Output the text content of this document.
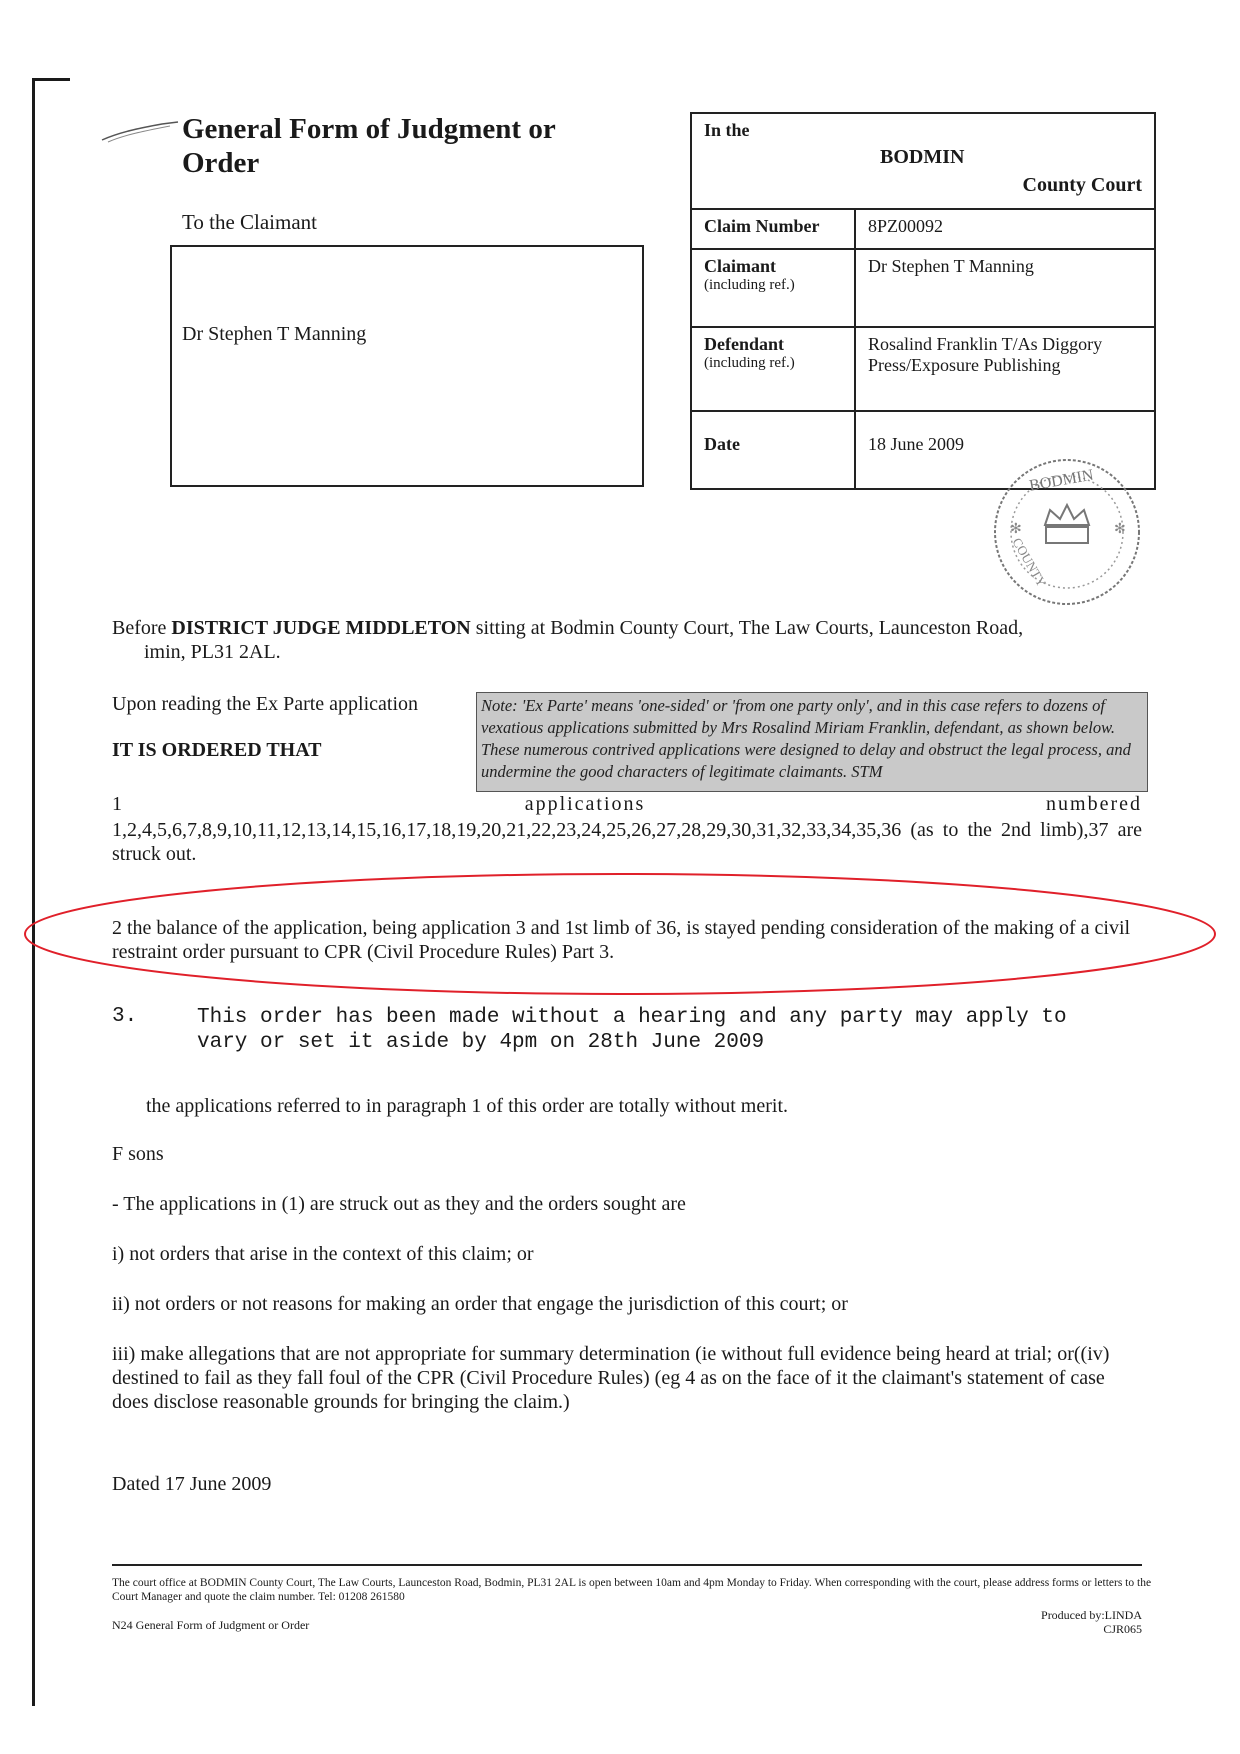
General Form of Judgment or Order
To the Claimant
Dr Stephen T Manning
In the
BODMIN
County Court	

Claim Number	8PZ00092

Claimant
(including ref.)	Dr Stephen T Manning

Defendant
(including ref.)	Rosalind Franklin T/As Diggory Press/Exposure Publishing
Date	18 June 2009
BODMIN
COUNTY
✻	✻
Before DISTRICT JUDGE MIDDLETON sitting at Bodmin County Court, The Law Courts, Launceston Road,
imin, PL31 2AL.
Upon reading the Ex Parte application
IT IS ORDERED THAT
Note: 'Ex Parte' means 'one-sided' or 'from one party only', and in this case refers to dozens of vexatious applications submitted by Mrs Rosalind Miriam Franklin, defendant, as shown below. These numerous contrived applications were designed to delay and obstruct the legal process, and undermine the good characters of legitimate claimants. STM
1 applications numbered
1,2,4,5,6,7,8,9,10,11,12,13,14,15,16,17,18,19,20,21,22,23,24,25,26,27,28,29,30,31,32,33,34,35,36 (as to the 2nd limb),37 are struck out.
2 the balance of the application, being application 3 and 1st limb of 36, is stayed pending consideration of the making of a civil restraint order pursuant to CPR (Civil Procedure Rules) Part 3.
3.	This order has been made without a hearing and any party may apply to vary or set it aside by 4pm on 28th June 2009
the applications referred to in paragraph 1 of this order are totally without merit.
F sons
- The applications in (1) are struck out as they and the orders sought are
i) not orders that arise in the context of this claim; or
ii) not orders or not reasons for making an order that engage the jurisdiction of this court; or
iii) make allegations that are not appropriate for summary determination (ie without full evidence being heard at trial; or((iv) destined to fail as they fall foul of the CPR (Civil Procedure Rules) (eg 4 as on the face of it the claimant's statement of case does disclose reasonable grounds for bringing the claim.)
Dated 17 June 2009
The court office at BODMIN County Court, The Law Courts, Launceston Road, Bodmin, PL31 2AL is open between 10am and 4pm Monday to Friday. When corresponding with the court, please address forms or letters to the Court Manager and quote the claim number. Tel: 01208 261580
N24 General Form of Judgment or Order
Produced by:LINDA
CJR065
